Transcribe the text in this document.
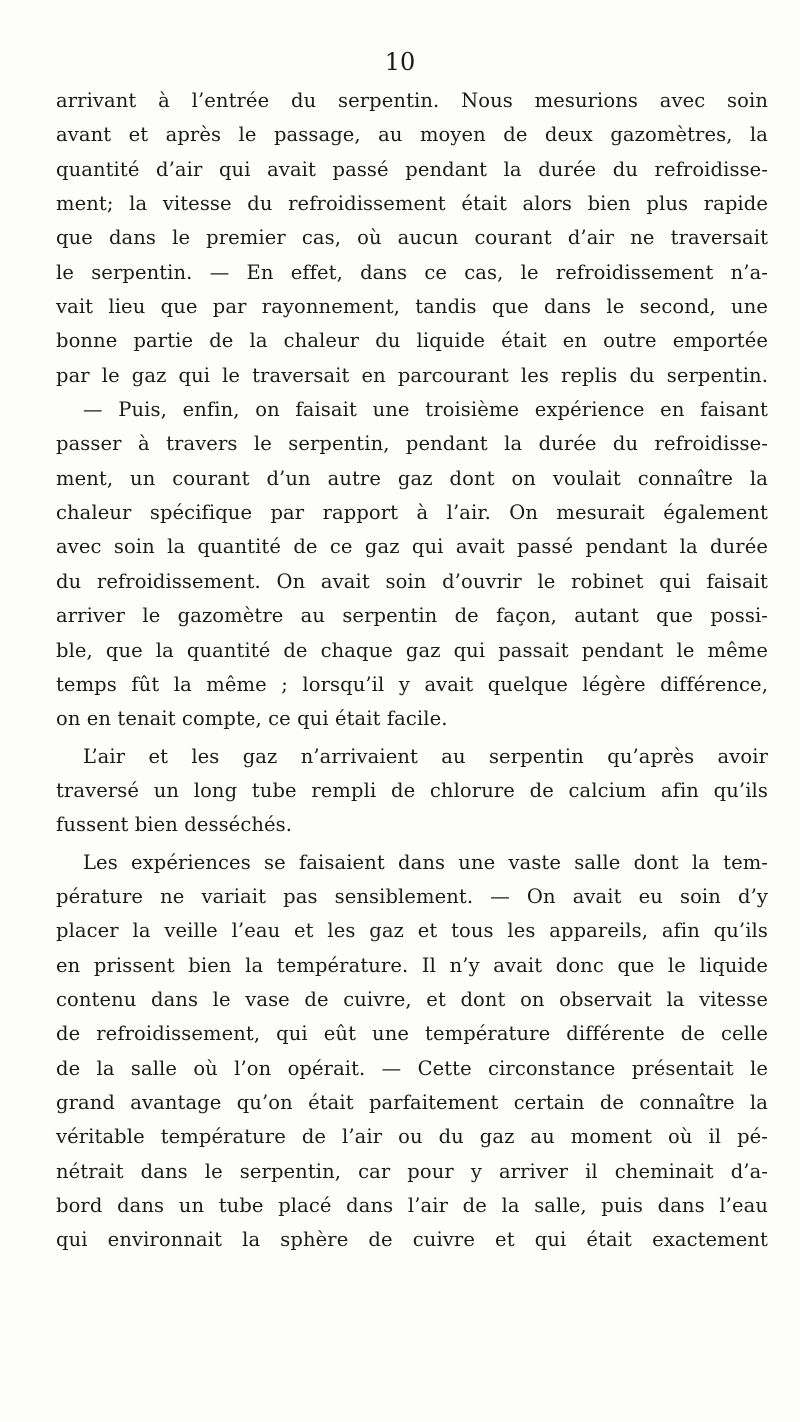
10
arrivant à l’entrée du serpentin. Nous mesurions avec soin
avant et après le passage, au moyen de deux gazomètres, la
quantité d’air qui avait passé pendant la durée du refroidisse-
ment; la vitesse du refroidissement était alors bien plus rapide
que dans le premier cas, où aucun courant d’air ne traversait
le serpentin. — En effet, dans ce cas, le refroidissement n’a-
vait lieu que par rayonnement, tandis que dans le second, une
bonne partie de la chaleur du liquide était en outre emportée
par le gaz qui le traversait en parcourant les replis du serpentin.
— Puis, enfin, on faisait une troisième expérience en faisant
passer à travers le serpentin, pendant la durée du refroidisse-
ment, un courant d’un autre gaz dont on voulait connaître la
chaleur spécifique par rapport à l’air. On mesurait également
avec soin la quantité de ce gaz qui avait passé pendant la durée
du refroidissement. On avait soin d’ouvrir le robinet qui faisait
arriver le gazomètre au serpentin de façon, autant que possi-
ble, que la quantité de chaque gaz qui passait pendant le même
temps fût la même ; lorsqu’il y avait quelque légère différence,
on en tenait compte, ce qui était facile.
L’air et les gaz n’arrivaient au serpentin qu’après avoir
traversé un long tube rempli de chlorure de calcium afin qu’ils
fussent bien desséchés.
Les expériences se faisaient dans une vaste salle dont la tem-
pérature ne variait pas sensiblement. — On avait eu soin d’y
placer la veille l’eau et les gaz et tous les appareils, afin qu’ils
en prissent bien la température. Il n’y avait donc que le liquide
contenu dans le vase de cuivre, et dont on observait la vitesse
de refroidissement, qui eût une température différente de celle
de la salle où l’on opérait. — Cette circonstance présentait le
grand avantage qu’on était parfaitement certain de connaître la
véritable température de l’air ou du gaz au moment où il pé-
nétrait dans le serpentin, car pour y arriver il cheminait d’a-
bord dans un tube placé dans l’air de la salle, puis dans l’eau
qui environnait la sphère de cuivre et qui était exactement
